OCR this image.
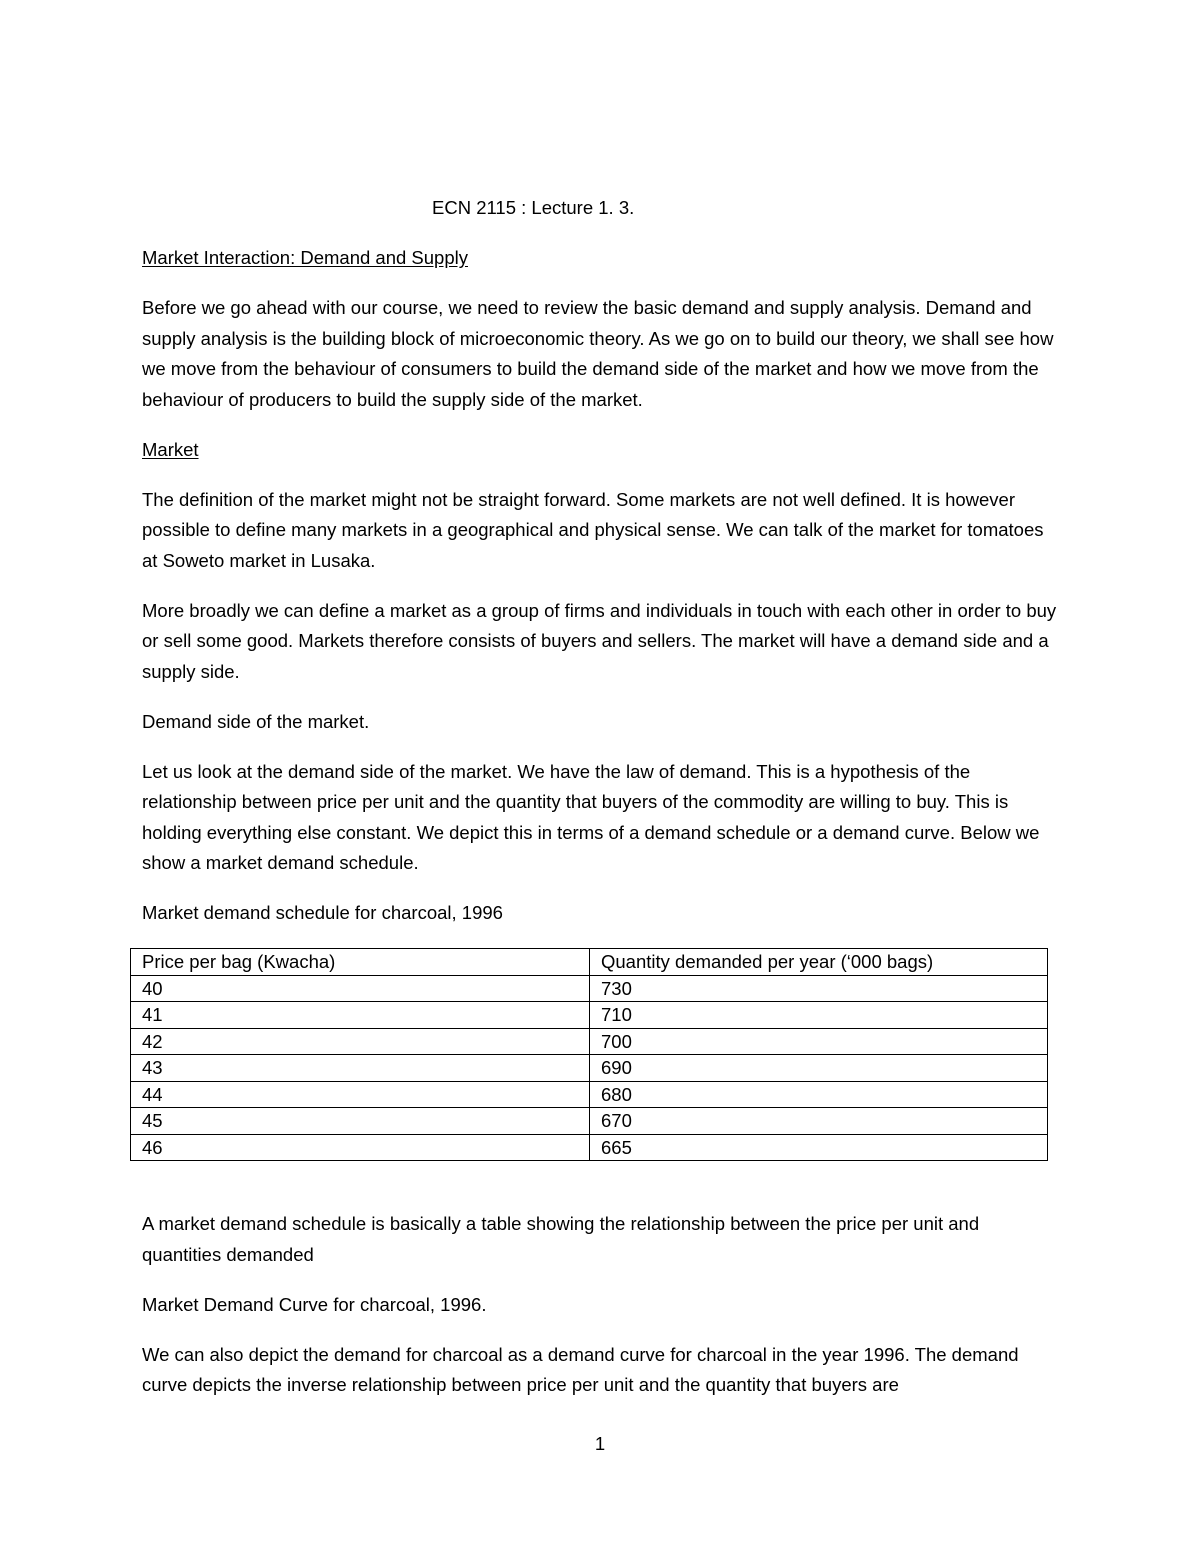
ECN 2115 : Lecture 1. 3.

Market Interaction: Demand and Supply

Before we go ahead with our course, we need to review the basic demand and supply analysis. Demand and supply analysis is the building block of microeconomic theory. As we go on to build our theory, we shall see how we move from the behaviour of consumers to build the demand side of the market and how we move from the behaviour of producers to build the supply side of the market.

Market

The definition of the market might not be straight forward. Some markets are not well defined. It is however possible to define many markets in a geographical and physical sense. We can talk of the market for tomatoes at Soweto market in Lusaka.

More broadly we can define a market as a group of firms and individuals in touch with each other in order to buy or sell some good. Markets therefore consists of buyers and sellers. The market will have a demand side and a supply side.

Demand side of the market.

Let us look at the demand side of the market. We have the law of demand. This is a hypothesis of the relationship between price per unit and the quantity that buyers of the commodity are willing to buy. This is holding everything else constant. We depict this in terms of a demand schedule or a demand curve. Below we show a market demand schedule.

Market demand schedule for charcoal, 1996

Price per bag (Kwacha)	Quantity demanded per year (‘000 bags)
40	730
41	710
42	700
43	690
44	680
45	670
46	665

A market demand schedule is basically a table showing the relationship between the price per unit and quantities demanded

Market Demand Curve for charcoal, 1996.

We can also depict the demand for charcoal as a demand curve for charcoal in the year 1996. The demand curve depicts the inverse relationship between price per unit and the quantity that buyers are

1
